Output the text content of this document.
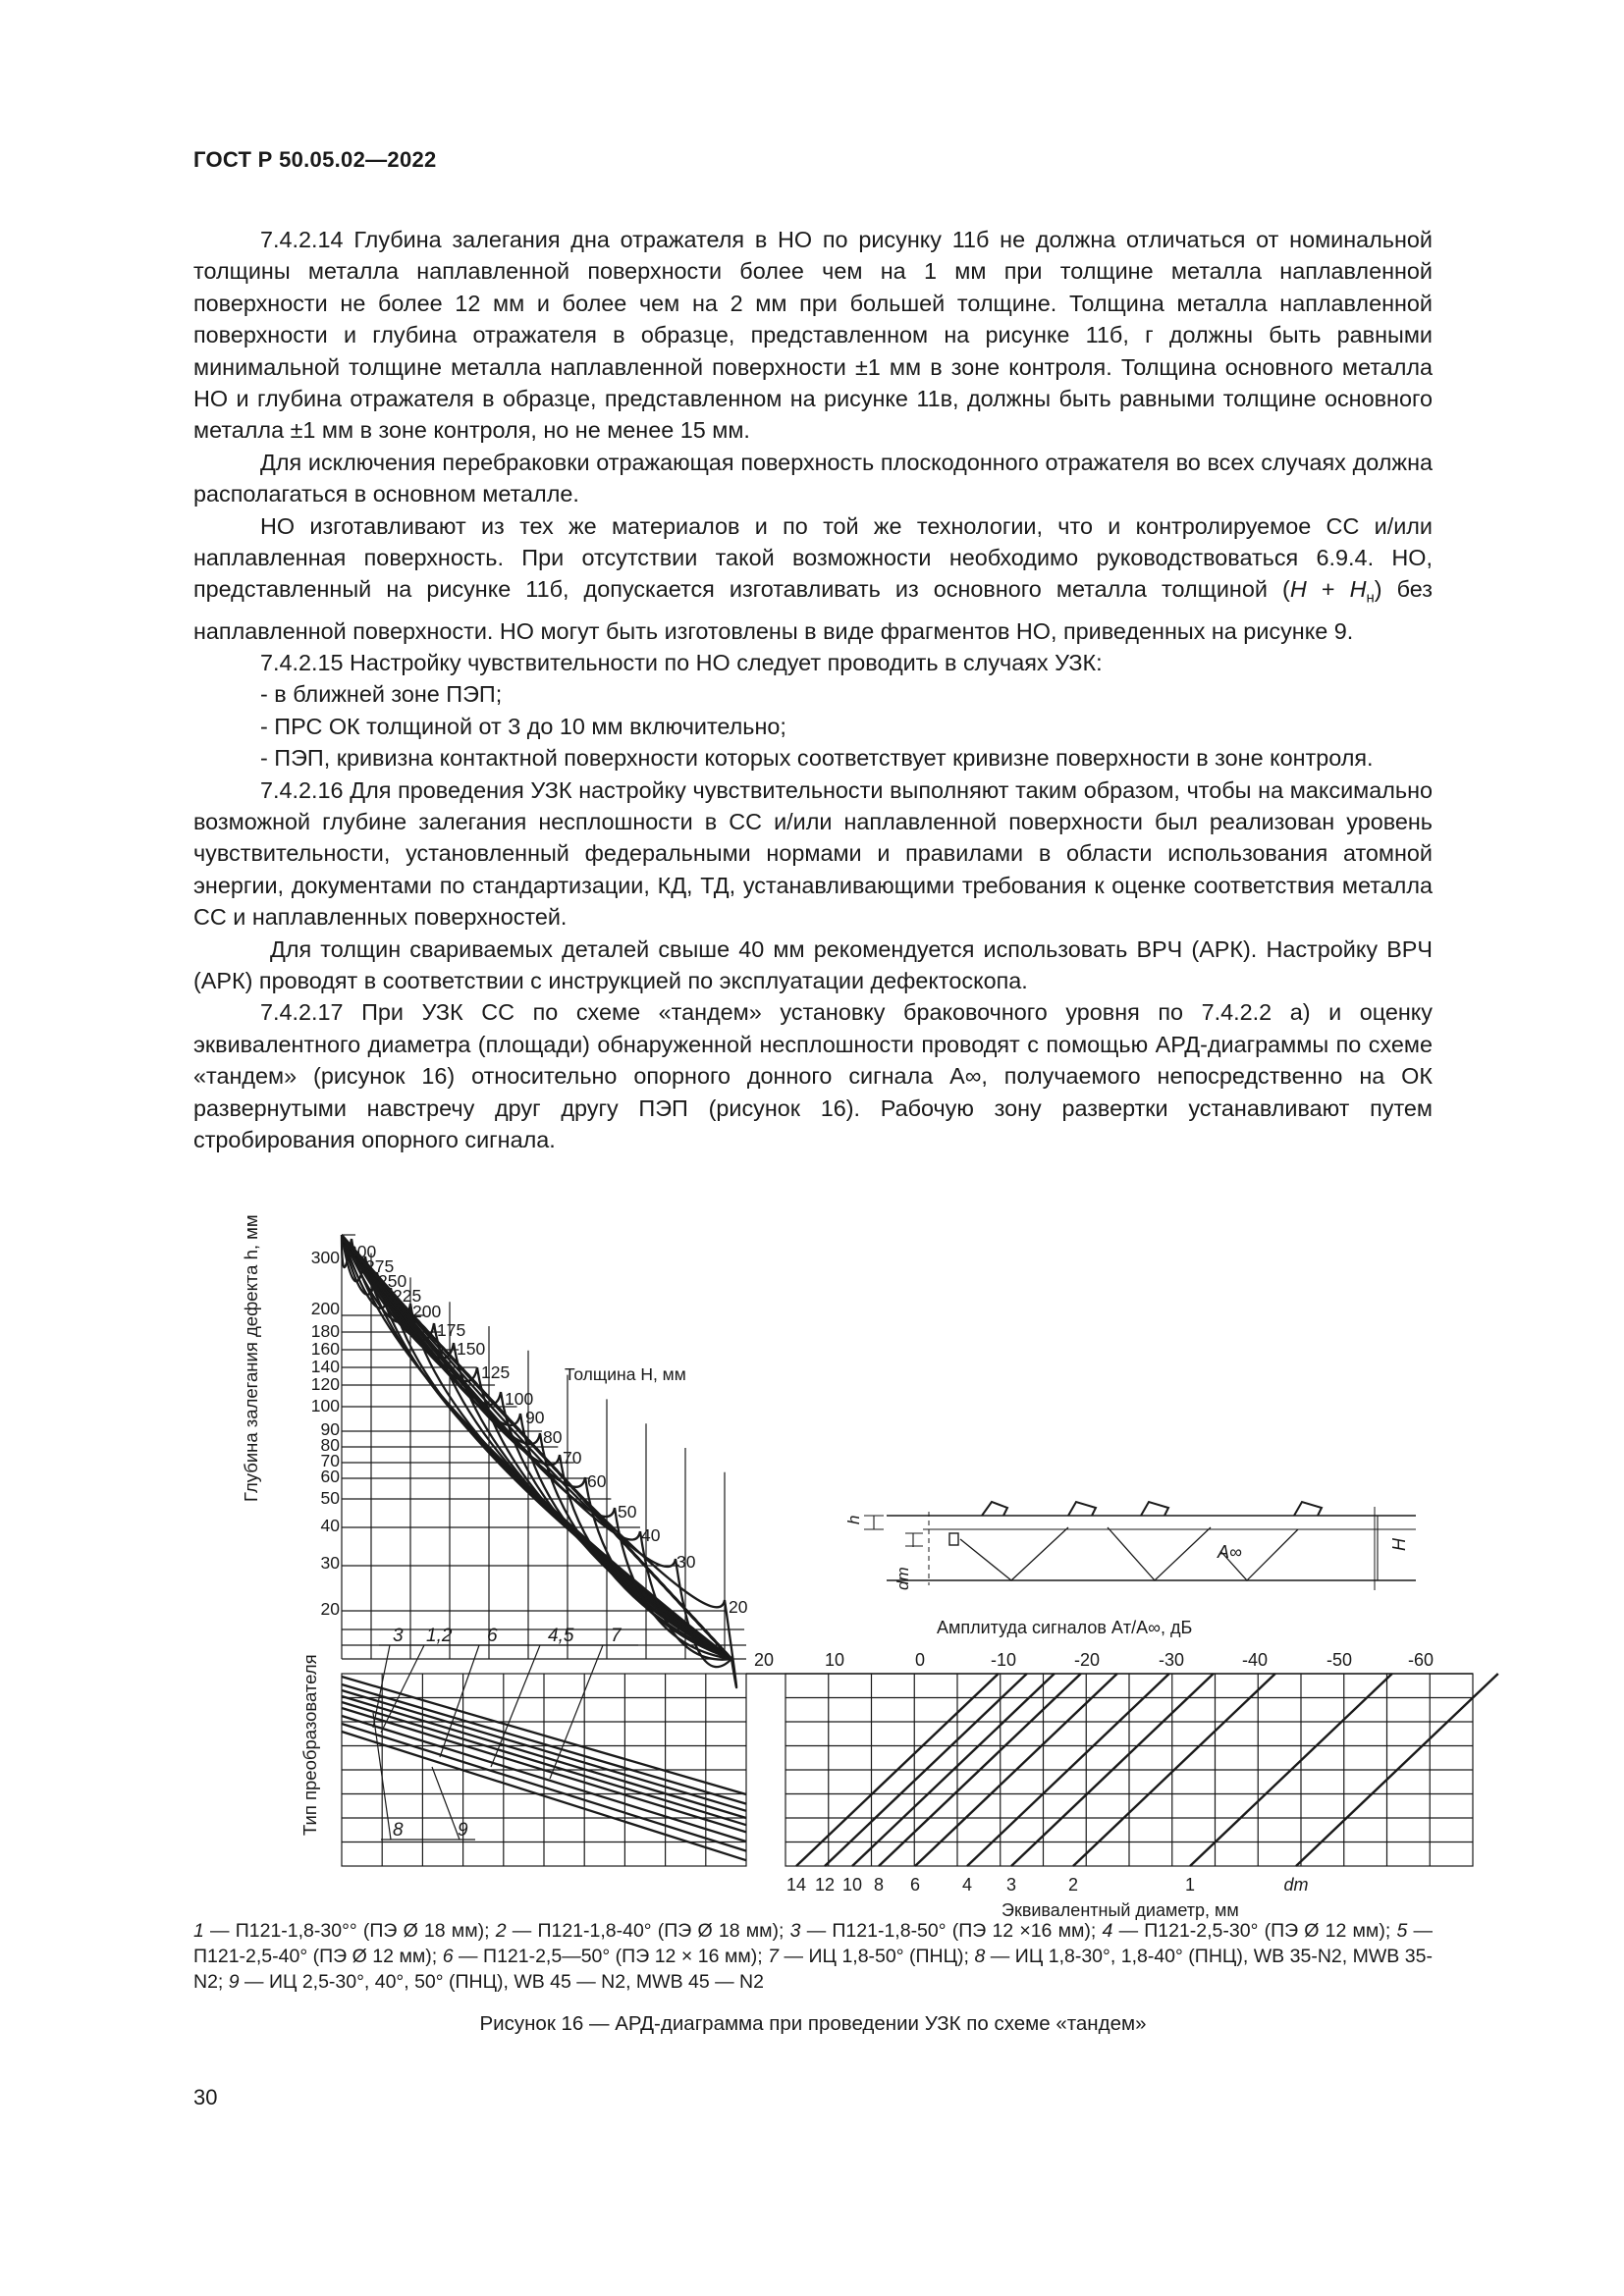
ГОСТ Р 50.05.02—2022

7.4.2.14 Глубина залегания дна отражателя в НО по рисунку 11б не должна отличаться от номинальной толщины металла наплавленной поверхности более чем на 1 мм при толщине металла наплавленной поверхности не более 12 мм и более чем на 2 мм при большей толщине. Толщина металла наплавленной поверхности и глубина отражателя в образце, представленном на рисунке 11б, г должны быть равными минимальной толщине металла наплавленной поверхности ±1 мм в зоне контроля. Толщина основного металла НО и глубина отражателя в образце, представленном на рисунке 11в, должны быть равными толщине основного металла ±1 мм в зоне контроля, но не менее 15 мм.

Для исключения перебраковки отражающая поверхность плоскодонного отражателя во всех случаях должна располагаться в основном металле.

НО изготавливают из тех же материалов и по той же технологии, что и контролируемое СС и/или наплавленная поверхность. При отсутствии такой возможности необходимо руководствоваться 6.9.4. НО, представленный на рисунке 11б, допускается изготавливать из основного металла толщиной $(H + H_н)$ без наплавленной поверхности. НО могут быть изготовлены в виде фрагментов НО, приведенных на рисунке 9.

7.4.2.15 Настройку чувствительности по НО следует проводить в случаях УЗК:

- в ближней зоне ПЭП;

- ПРС ОК толщиной от 3 до 10 мм включительно;

- ПЭП, кривизна контактной поверхности которых соответствует кривизне поверхности в зоне контроля.

7.4.2.16 Для проведения УЗК настройку чувствительности выполняют таким образом, чтобы на максимально возможной глубине залегания несплошности в СС и/или наплавленной поверхности был реализован уровень чувствительности, установленный федеральными нормами и правилами в области использования атомной энергии, документами по стандартизации, КД, ТД, устанавливающими требования к оценке соответствия металла СС и наплавленных поверхностей.

Для толщин свариваемых деталей свыше 40 мм рекомендуется использовать ВРЧ (АРК). Настройку ВРЧ (АРК) проводят в соответствии с инструкцией по эксплуатации дефектоскопа.

7.4.2.17 При УЗК СС по схеме «тандем» установку браковочного уровня по 7.4.2.2 а) и оценку эквивалентного диаметра (площади) обнаруженной несплошности проводят с помощью АРД-диаграммы по схеме «тандем» (рисунок 16) относительно опорного донного сигнала A∞, получаемого непосредственно на ОК развернутыми навстречу друг другу ПЭП (рисунок 16). Рабочую зону развертки устанавливают путем стробирования опорного сигнала.

Глубина залегания дефекта h, мм	300
200
180
160
140
120
100
90
80
70
60
50
40
30
20
300
275
250
225
200
175
150
125
100
90
80
70
60
50
40
30
20
Толщина H, мм
h
dт
A∞	H
Амплитуда сигналов Aт/A∞, дБ
20	10	0	-10	-20	-30	-40	-50	-60
Тип преобразователя
3 1,2 6	4,5 7
8	9
14 12 10 8 6 4 3	2	1	dт
Эквивалентный диаметр, мм
1 — П121-1,8-30°° (ПЭ Ø 18 мм); 2 — П121-1,8-40° (ПЭ Ø 18 мм); 3 — П121-1,8-50° (ПЭ 12 ×16 мм); 4 — П121-2,5-30° (ПЭ Ø 12 мм); 5 — П121-2,5-40° (ПЭ Ø 12 мм); 6 — П121-2,5—50° (ПЭ 12 × 16 мм); 7 — ИЦ 1,8-50° (ПНЦ); 8 — ИЦ 1,8-30°, 1,8-40° (ПНЦ), WB 35-N2, MWB 35-N2; 9 — ИЦ 2,5-30°, 40°, 50° (ПНЦ), WB 45 — N2, MWB 45 — N2
Рисунок 16 — АРД-диаграмма при проведении УЗК по схеме «тандем»
30
